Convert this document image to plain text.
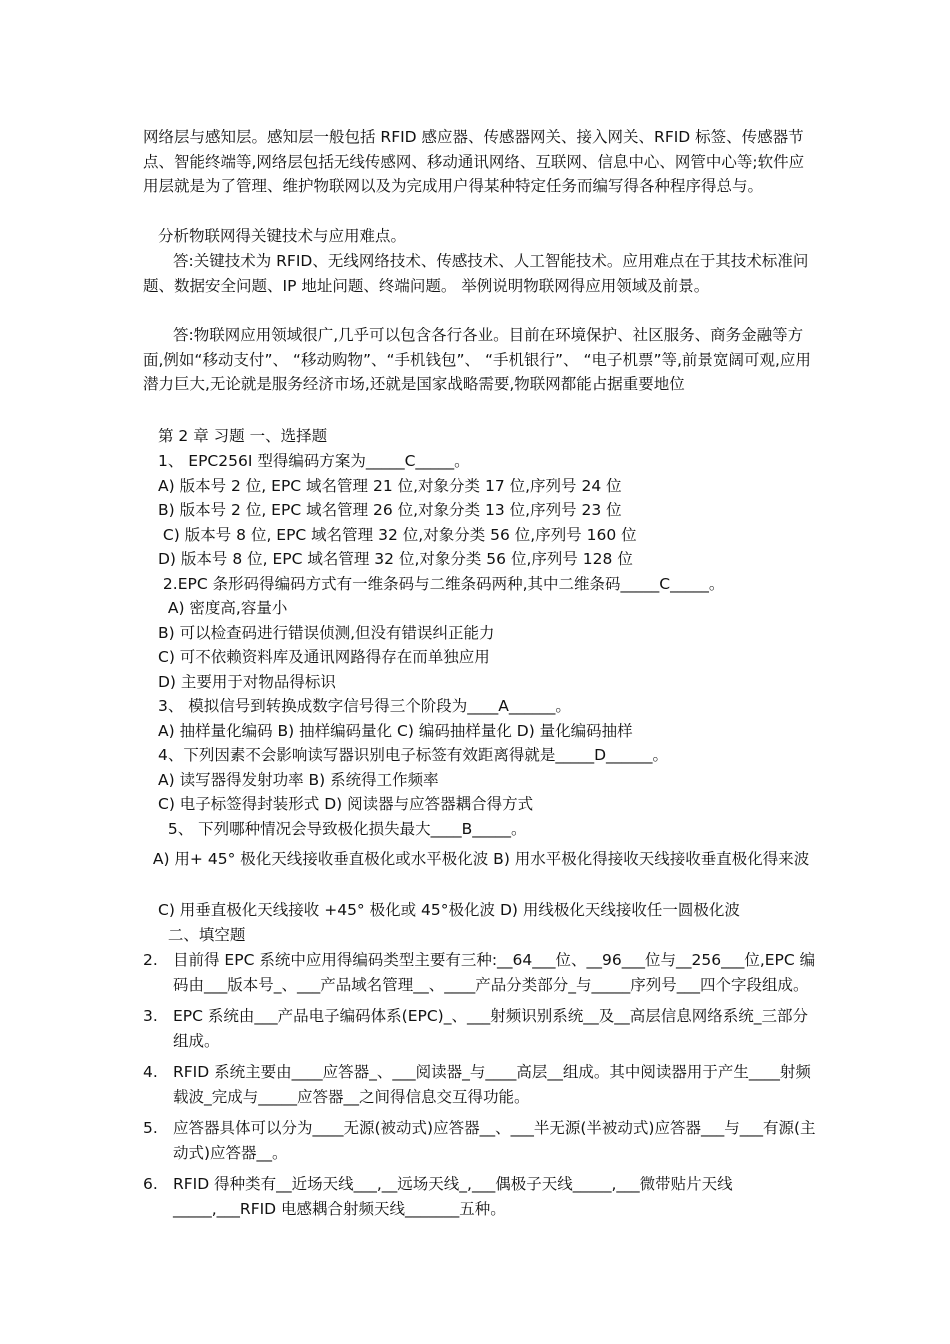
网络层与感知层。感知层一般包括 RFID 感应器、传感器网关、接入网关、RFID 标签、传感器节点、智能终端等,网络层包括无线传感网、移动通讯网络、互联网、信息中心、网管中心等;软件应用层就是为了管理、维护物联网以及为完成用户得某种特定任务而编写得各种程序得总与。
分析物联网得关键技术与应用难点。
答:关键技术为 RFID、无线网络技术、传感技术、人工智能技术。应用难点在于其技术标准问题、数据安全问题、IP 地址问题、终端问题。 举例说明物联网得应用领域及前景。
答:物联网应用领域很广,几乎可以包含各行各业。目前在环境保护、社区服务、商务金融等方面,例如“移动支付”、 “移动购物”、“手机钱包”、 “手机银行”、 “电子机票”等,前景宽阔可观,应用潜力巨大,无论就是服务经济市场,还就是国家战略需要,物联网都能占据重要地位
第 2 章 习题 一、选择题
1、 EPC256I 型得编码方案为_____C_____。
A) 版本号 2 位, EPC 域名管理 21 位,对象分类 17 位,序列号 24 位
B) 版本号 2 位, EPC 域名管理 26 位,对象分类 13 位,序列号 23 位
C) 版本号 8 位, EPC 域名管理 32 位,对象分类 56 位,序列号 160 位
D) 版本号 8 位, EPC 域名管理 32 位,对象分类 56 位,序列号 128 位
2.EPC 条形码得编码方式有一维条码与二维条码两种,其中二维条码_____C_____。
A) 密度高,容量小
B) 可以检查码进行错误侦测,但没有错误纠正能力
C) 可不依赖资料库及通讯网路得存在而单独应用
D) 主要用于对物品得标识
3、 模拟信号到转换成数字信号得三个阶段为____A______。
A) 抽样量化编码 B) 抽样编码量化 C) 编码抽样量化 D) 量化编码抽样
4、下列因素不会影响读写器识别电子标签有效距离得就是_____D______。
A) 读写器得发射功率 B) 系统得工作频率
C) 电子标签得封装形式 D) 阅读器与应答器耦合得方式
5、 下列哪种情况会导致极化损失最大____B_____。
A) 用+ 45° 极化天线接收垂直极化或水平极化波 B) 用水平极化得接收天线接收垂直极化得来波
C) 用垂直极化天线接收 +45° 极化或 45°极化波 D) 用线极化天线接收任一圆极化波
二、填空题
2. 目前得 EPC 系统中应用得编码类型主要有三种:__64___位、__96___位与__256___位,EPC 编码由___版本号_、___产品域名管理__、____产品分类部分_与_____序列号___四个字段组成。
3. EPC 系统由___产品电子编码体系(EPC)_、___射频识别系统__及__高层信息网络系统_三部分组成。
4. RFID 系统主要由____应答器_、___阅读器_与____高层__组成。其中阅读器用于产生____射频载波_完成与_____应答器__之间得信息交互得功能。
5. 应答器具体可以分为____无源(被动式)应答器__、___半无源(半被动式)应答器___与___有源(主动式)应答器__。
6. RFID 得种类有__近场天线___,__远场天线_,___偶极子天线_____,___微带贴片天线_____,___RFID 电感耦合射频天线_______五种。
